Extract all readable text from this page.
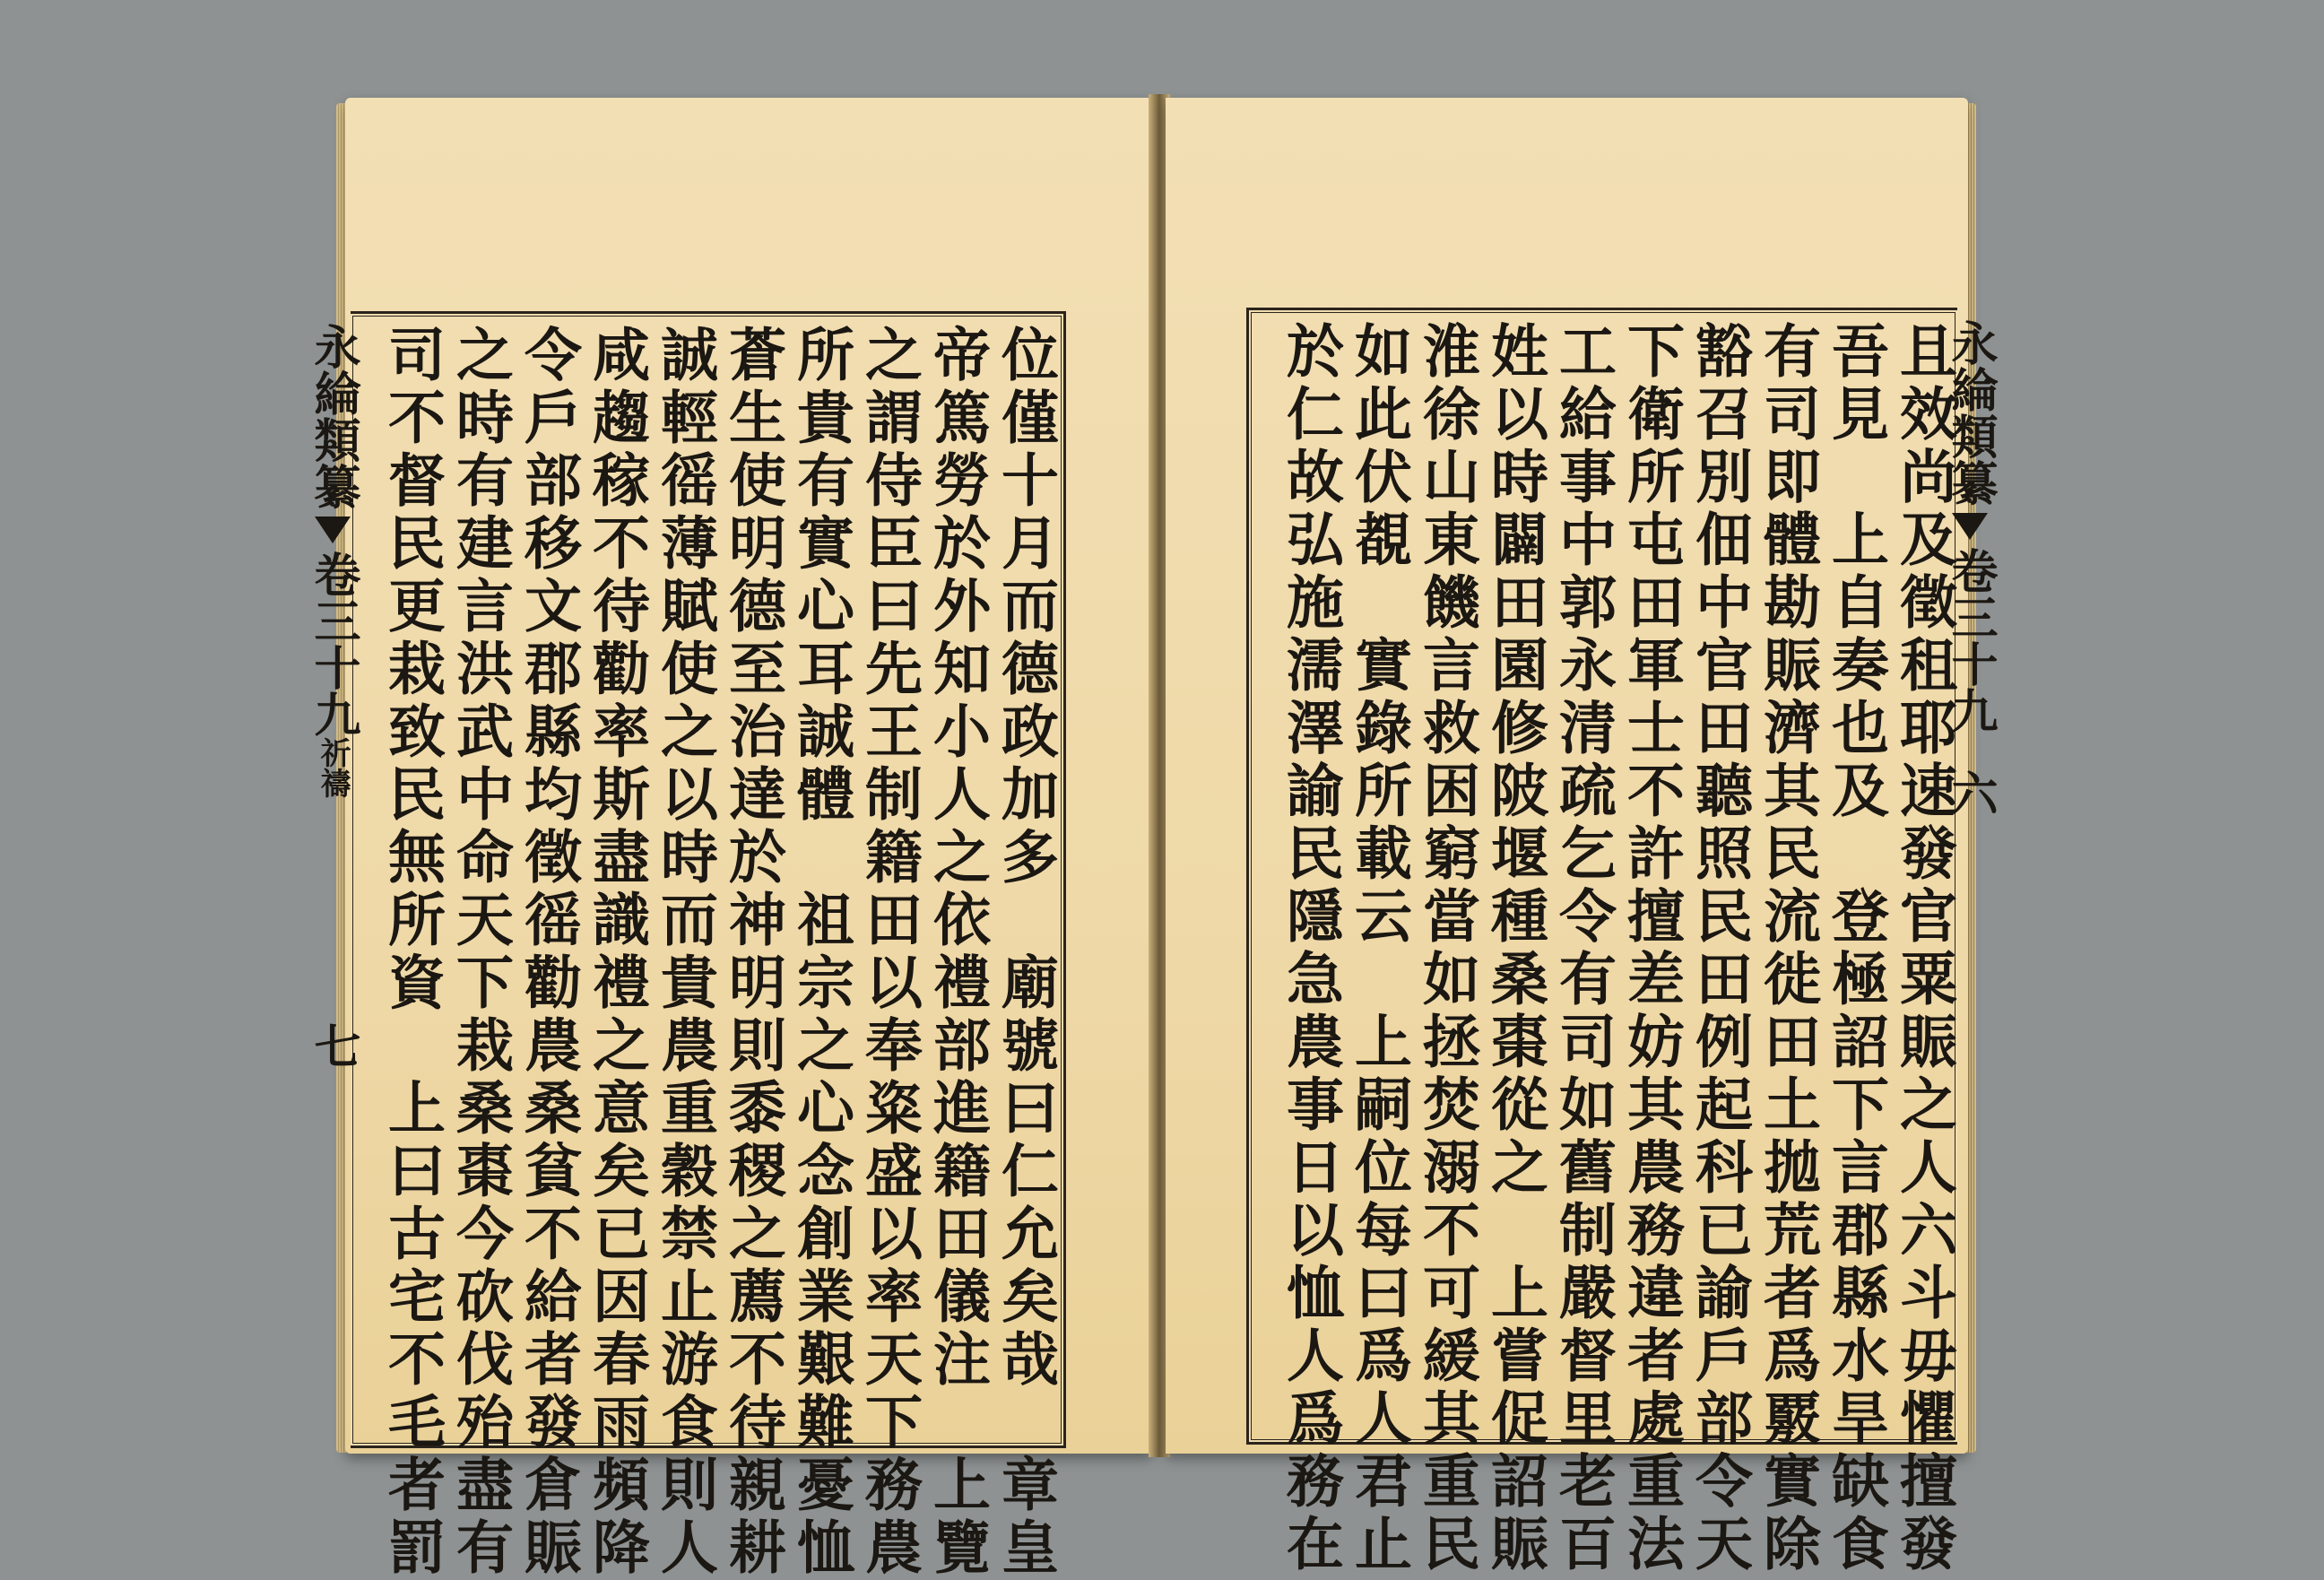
永綸類纂卷三十九祈禱七	位僅十月而德政加多　廟號曰仁允矣哉　章皇
帝篤勞於外知小人之依禮部進籍田儀注　上覽
之謂侍臣曰先王制籍田以奉粢盛以率天下務農
所貴有實心耳誠體　祖宗之心念創業艱難憂恤
蒼生使明德至治達於神明則黍稷之薦不待親耕
誠輕徭薄賦使之以時而貴農重穀禁止游食則人
咸趨稼不待勸率斯盡識禮之意矣已因春雨頻降
令戶部移文郡縣均徵徭勸農桑貧不給者發倉賑
之時有建言洪武中命天下栽桑棗今砍伐殆盡有
司不督民更栽致民無所資　上曰古宅不毛者罰	永綸類纂卷三十九六
且效尚及徵租耶速發官粟賑之人六斗毋懼擅發
吾見　上自奏也及　登極詔下言郡縣水旱缺食
有司即體勘賑濟其民流徙田土拋荒者爲覈實除
豁召別佃中官田聽照民田例起科已諭戶部令天
下衛所屯田軍士不許擅差妨其農務違者處重法
工給事中郭永清疏乞令有司如舊制嚴督里老百
姓以時闢田園修陂堰種桑棗從之　上嘗促詔賑
淮徐山東饑言救困窮當如拯焚溺不可緩其重民
如此伏覩　實錄所載云　上嗣位每曰爲人君止
於仁故弘施濡澤諭民隱急農事日以恤人爲務在
